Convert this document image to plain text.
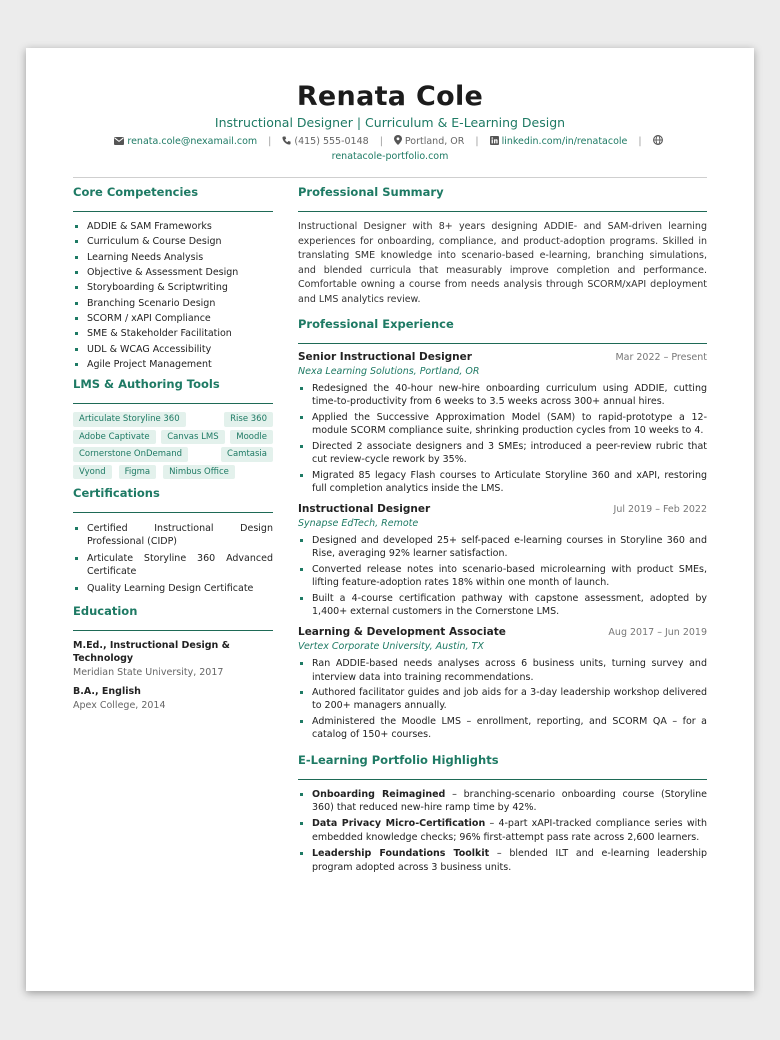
Renata Cole
Instructional Designer | Curriculum & E-Learning Design
renata.cole@nexamail.com | (415) 555-0148 | Portland, OR | linkedin.com/in/renatacole |
renatacole-portfolio.com
Core Competencies
ADDIE & SAM Frameworks
Curriculum & Course Design
Learning Needs Analysis
Objective & Assessment Design
Storyboarding & Scriptwriting
Branching Scenario Design
SCORM / xAPI Compliance
SME & Stakeholder Facilitation
UDL & WCAG Accessibility
Agile Project Management
LMS & Authoring Tools
Articulate Storyline 360	Rise 360
Adobe Captivate	Canvas LMS	Moodle
Cornerstone OnDemand	Camtasia
Vyond	Figma	Nimbus Office
Certifications
Certified Instructional Design Professional (CIDP)
Articulate Storyline 360 Advanced Certificate
Quality Learning Design Certificate
Education
M.Ed., Instructional Design & Technology
Meridian State University, 2017
B.A., English
Apex College, 2014
Professional Summary
Instructional Designer with 8+ years designing ADDIE- and SAM-driven learning experiences for onboarding, compliance, and product-adoption programs. Skilled in translating SME knowledge into scenario-based e-learning, branching simulations, and blended curricula that measurably improve completion and performance. Comfortable owning a course from needs analysis through SCORM/xAPI deployment and LMS analytics review.
Professional Experience
Senior Instructional Designer	Mar 2022 – Present
Nexa Learning Solutions, Portland, OR
Redesigned the 40-hour new-hire onboarding curriculum using ADDIE, cutting time-to-productivity from 6 weeks to 3.5 weeks across 300+ annual hires.
Applied the Successive Approximation Model (SAM) to rapid-prototype a 12-module SCORM compliance suite, shrinking production cycles from 10 weeks to 4.
Directed 2 associate designers and 3 SMEs; introduced a peer-review rubric that cut review-cycle rework by 35%.
Migrated 85 legacy Flash courses to Articulate Storyline 360 and xAPI, restoring full completion analytics inside the LMS.
Instructional Designer	Jul 2019 – Feb 2022
Synapse EdTech, Remote
Designed and developed 25+ self-paced e-learning courses in Storyline 360 and Rise, averaging 92% learner satisfaction.
Converted release notes into scenario-based microlearning with product SMEs, lifting feature-adoption rates 18% within one month of launch.
Built a 4-course certification pathway with capstone assessment, adopted by 1,400+ external customers in the Cornerstone LMS.
Learning & Development Associate	Aug 2017 – Jun 2019
Vertex Corporate University, Austin, TX
Ran ADDIE-based needs analyses across 6 business units, turning survey and interview data into training recommendations.
Authored facilitator guides and job aids for a 3-day leadership workshop delivered to 200+ managers annually.
Administered the Moodle LMS – enrollment, reporting, and SCORM QA – for a catalog of 150+ courses.
E-Learning Portfolio Highlights
Onboarding Reimagined – branching-scenario onboarding course (Storyline 360) that reduced new-hire ramp time by 42%.
Data Privacy Micro-Certification – 4-part xAPI-tracked compliance series with embedded knowledge checks; 96% first-attempt pass rate across 2,600 learners.
Leadership Foundations Toolkit – blended ILT and e-learning leadership program adopted across 3 business units.
